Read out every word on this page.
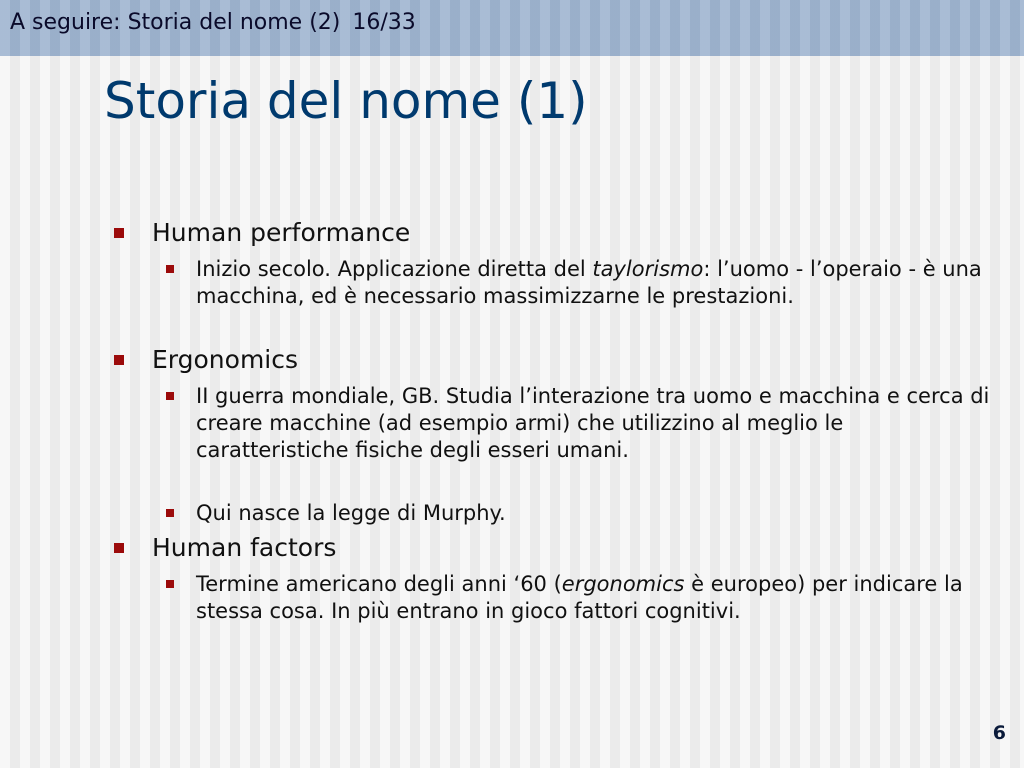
A seguire: Storia del nome (2) 16/33
Storia del nome (1)
Human performance

Inizio secolo. Applicazione diretta del taylorismo: l’uomo - l’operaio - è una macchina, ed è necessario massimizzarne le prestazioni.

Ergonomics

II guerra mondiale, GB. Studia l’interazione tra uomo e macchina e cerca di creare macchine (ad esempio armi) che utilizzino al meglio le caratteristiche fisiche degli esseri umani.

Qui nasce la legge di Murphy.

Human factors

Termine americano degli anni ‘60 (ergonomics è europeo) per indicare la stessa cosa. In più entrano in gioco fattori cognitivi.

6
